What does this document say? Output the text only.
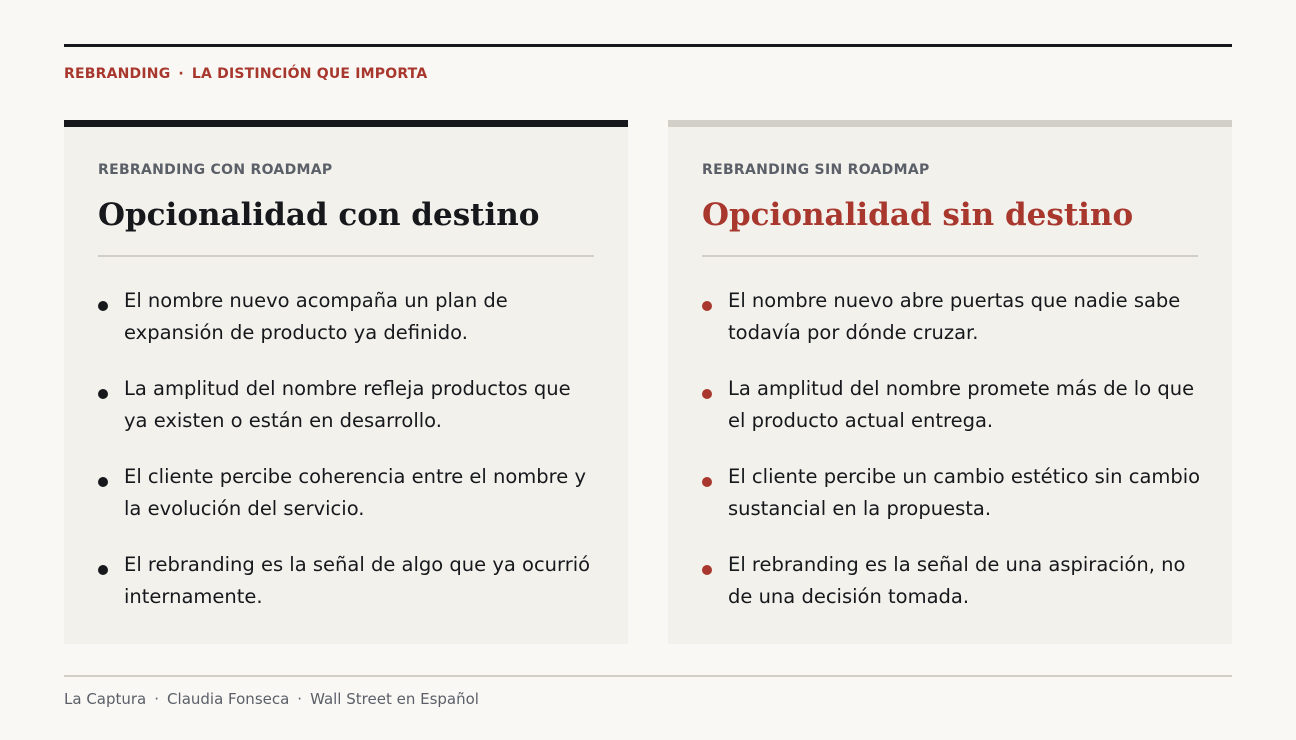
REBRANDING · LA DISTINCIÓN QUE IMPORTA
REBRANDING CON ROADMAP
Opcionalidad con destino
El nombre nuevo acompaña un plan de expansión de producto ya definido.
La amplitud del nombre refleja productos que ya existen o están en desarrollo.
El cliente percibe coherencia entre el nombre y la evolución del servicio.
El rebranding es la señal de algo que ya ocurrió internamente.
REBRANDING SIN ROADMAP
Opcionalidad sin destino
El nombre nuevo abre puertas que nadie sabe todavía por dónde cruzar.
La amplitud del nombre promete más de lo que el producto actual entrega.
El cliente percibe un cambio estético sin cambio sustancial en la propuesta.
El rebranding es la señal de una aspiración, no de una decisión tomada.
La Captura · Claudia Fonseca · Wall Street en Español
